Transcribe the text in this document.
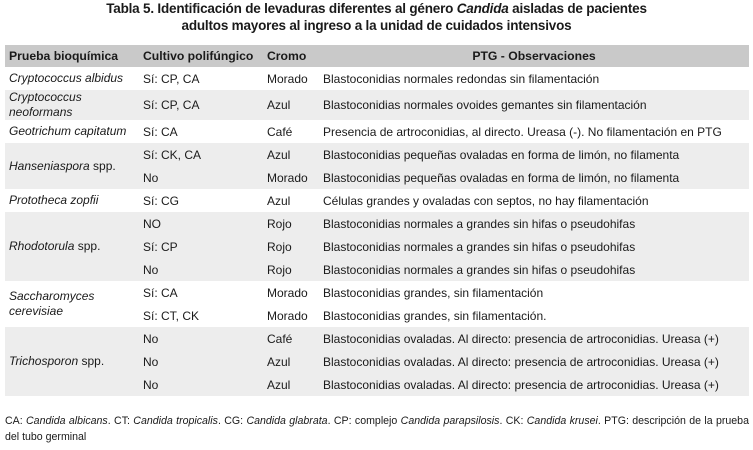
Tabla 5. Identificación de levaduras diferentes al género Candida aisladas de pacientes
adultos mayores al ingreso a la unidad de cuidados intensivos
Prueba bioquímica	Cultivo polifúngico	Cromo	PTG - Observaciones
Cryptococcus albidus	Sí: CP, CA	Morado	Blastoconidias normales redondas sin filamentación
Cryptococcus neoformans	Sí: CP, CA	Azul	Blastoconidias normales ovoides gemantes sin filamentación
Geotrichum capitatum	Sí: CA	Café	Presencia de artroconidias, al directo. Ureasa (-). No filamentación en PTG
Hanseniaspora spp.	Sí: CK, CA	Azul	Blastoconidias pequeñas ovaladas en forma de limón, no filamenta
	No	Morado	Blastoconidias pequeñas ovaladas en forma de limón, no filamenta
Prototheca zopfii	Sí: CG	Azul	Células grandes y ovaladas con septos, no hay filamentación
Rhodotorula spp.	NO	Rojo	Blastoconidias normales a grandes sin hifas o pseudohifas
	Sí: CP	Rojo	Blastoconidias normales a grandes sin hifas o pseudohifas
	No	Rojo	Blastoconidias normales a grandes sin hifas o pseudohifas
Saccharomyces cerevisiae	Sí: CA	Morado	Blastoconidias grandes, sin filamentación
	Sí: CT, CK	Morado	Blastoconidias grandes, sin filamentación.
Trichosporon spp.	No	Café	Blastoconidias ovaladas. Al directo: presencia de artroconidias. Ureasa (+)
	No	Azul	Blastoconidias ovaladas. Al directo: presencia de artroconidias. Ureasa (+)
	No	Azul	Blastoconidias ovaladas. Al directo: presencia de artroconidias. Ureasa (+)
CA: Candida albicans. CT: Candida tropicalis. CG: Candida glabrata. CP: complejo Candida parapsilosis. CK: Candida krusei. PTG: descripción de la prueba del tubo germinal
